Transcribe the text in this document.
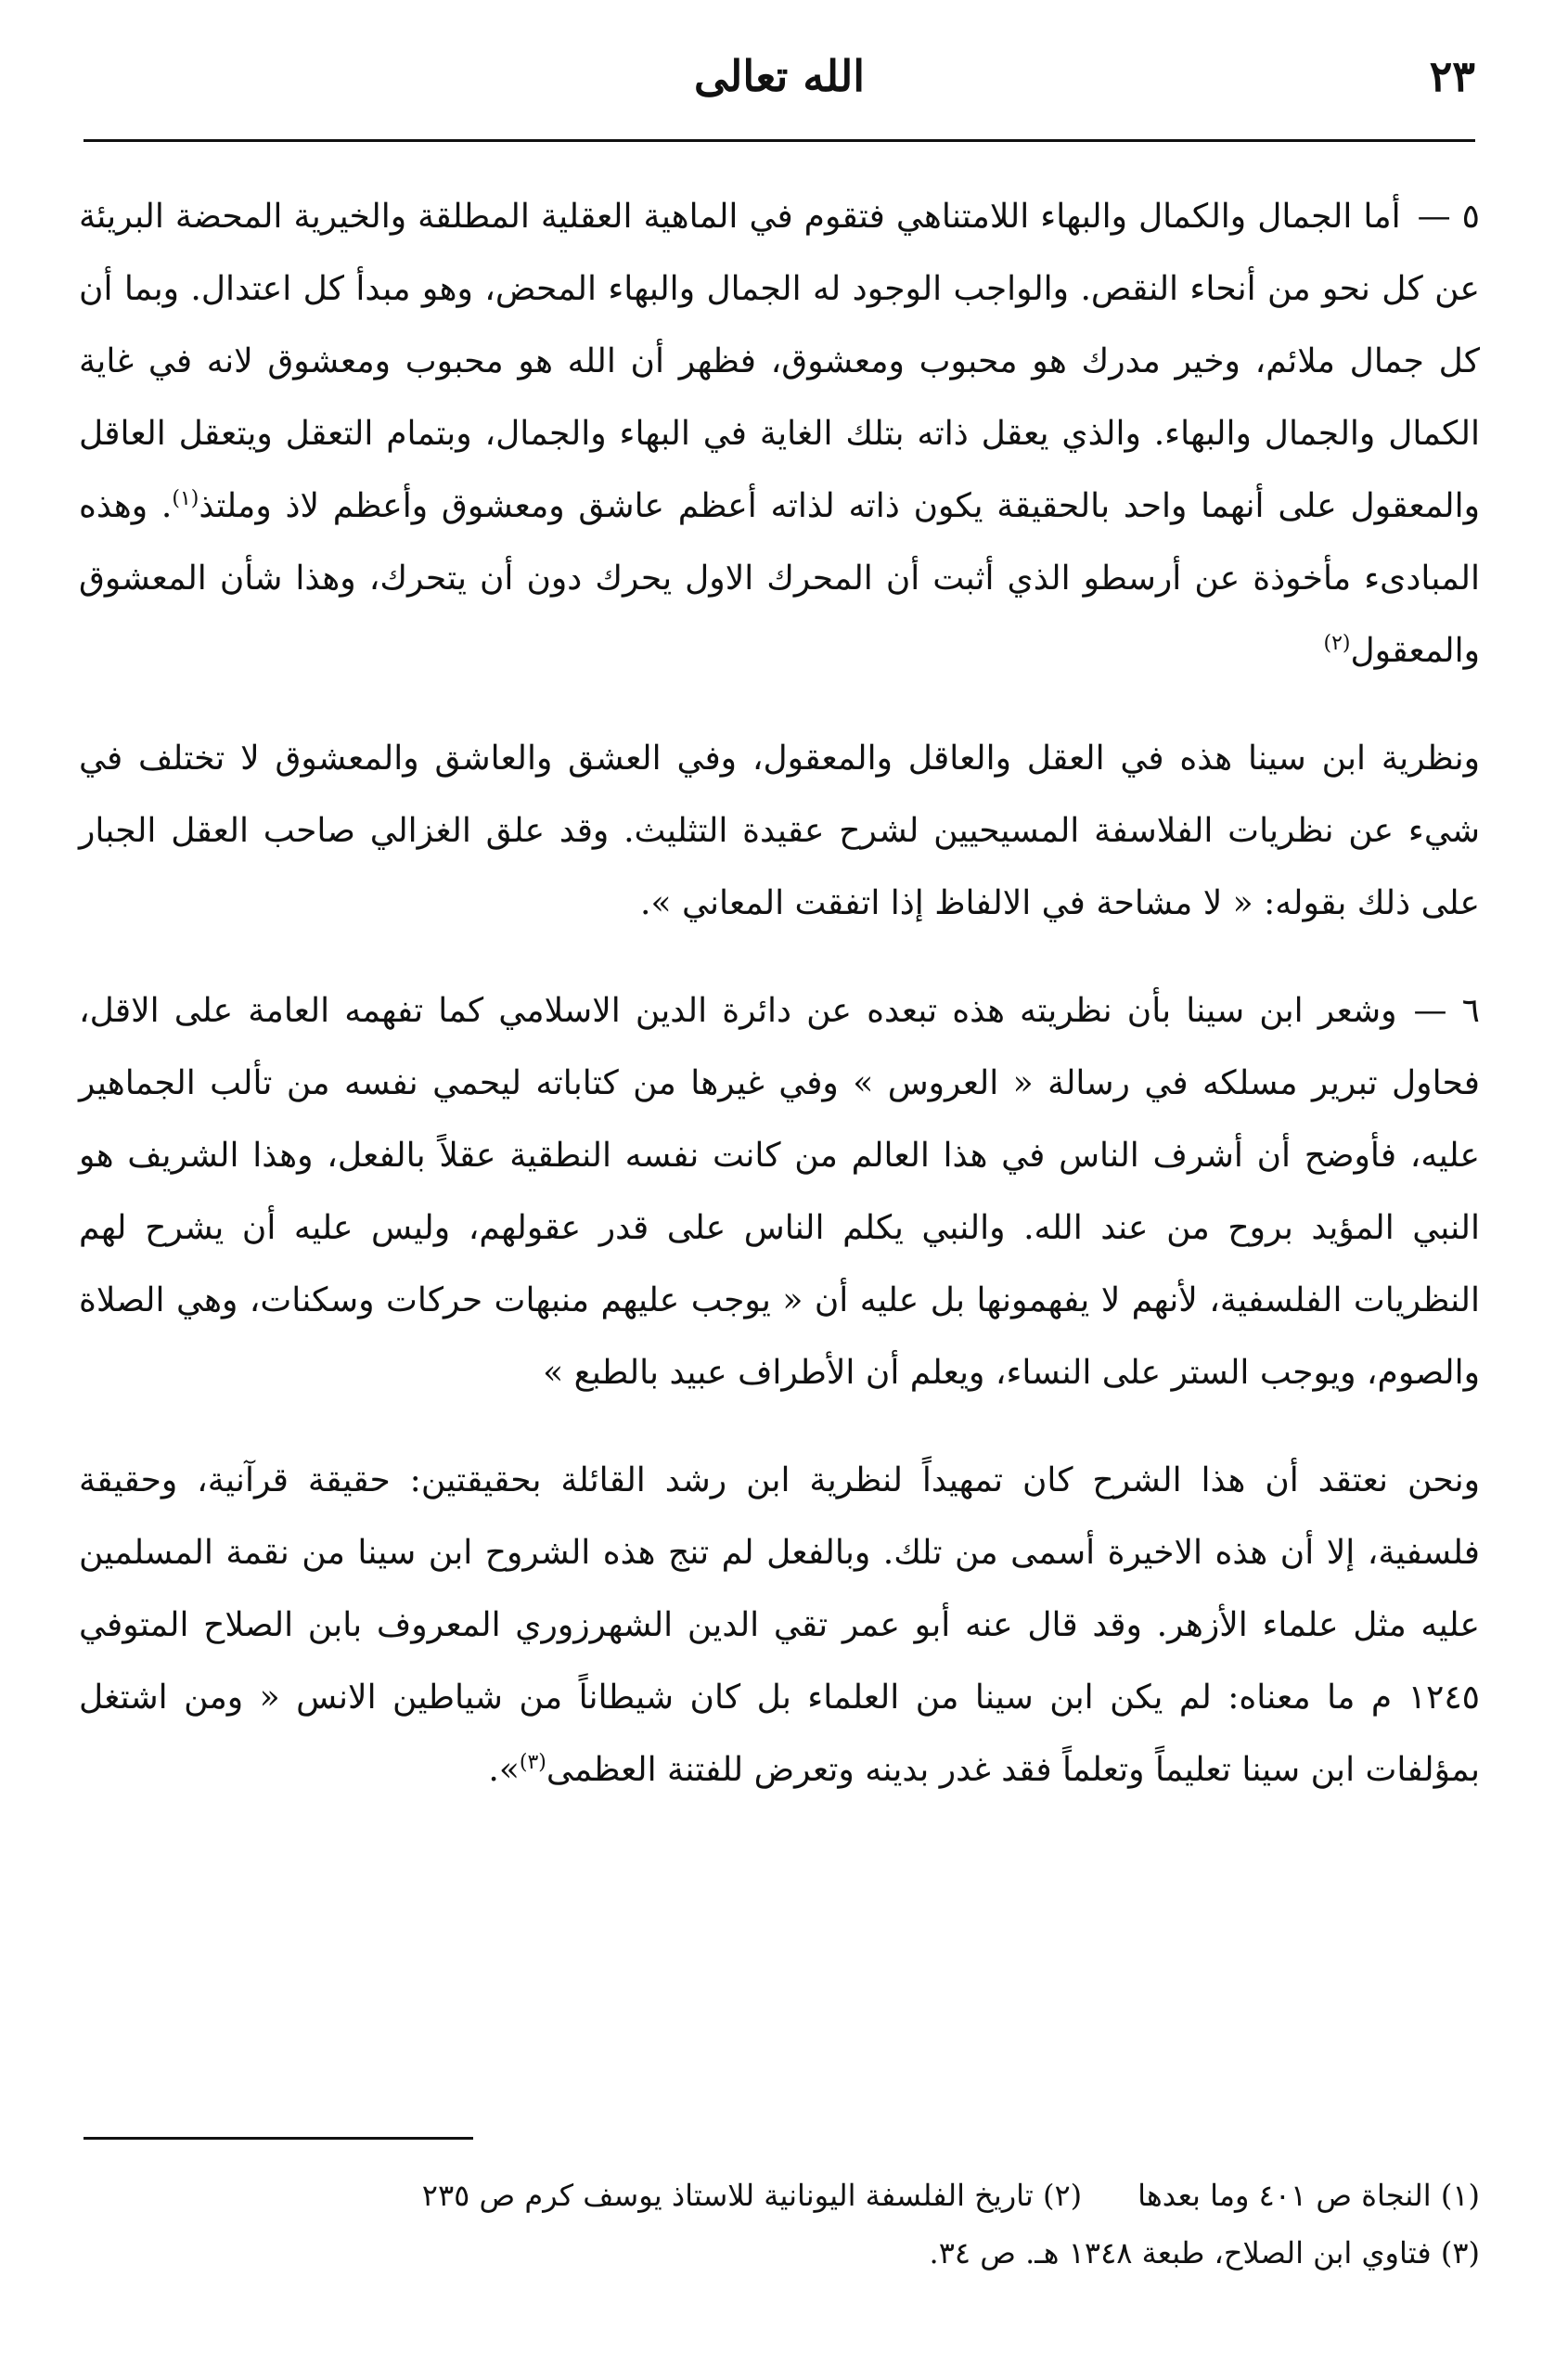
٢٣
الله تعالى

٥ —أما الجمال والكمال والبهاء اللامتناهي فتقوم في الماهية العقلية المطلقة والخيرية المحضة البريئة عن كل نحو من أنحاء النقص. والواجب الوجود له الجمال والبهاء المحض، وهو مبدأ كل اعتدال. وبما أن كل جمال ملائم، وخير مدرك هو محبوب ومعشوق، فظهر أن الله هو محبوب ومعشوق لانه في غاية الكمال والجمال والبهاء. والذي يعقل ذاته بتلك الغاية في البهاء والجمال، وبتمام التعقل ويتعقل العاقل والمعقول على أنهما واحد بالحقيقة يكون ذاته لذاته أعظم عاشق ومعشوق وأعظم لاذ وملتذ$^{(١)}$. وهذه المبادىء مأخوذة عن أرسطو الذي أثبت أن المحرك الاول يحرك دون أن يتحرك، وهذا شأن المعشوق والمعقول$^{(٢)}$

ونظرية ابن سينا هذه في العقل والعاقل والمعقول، وفي العشق والعاشق والمعشوق لا تختلف في شيء عن نظريات الفلاسفة المسيحيين لشرح عقيدة التثليث. وقد علق الغزالي صاحب العقل الجبار على ذلك بقوله: « لا مشاحة في الالفاظ إذا اتفقت المعاني ».

٦ —وشعر ابن سينا بأن نظريته هذه تبعده عن دائرة الدين الاسلامي كما تفهمه العامة على الاقل، فحاول تبرير مسلكه في رسالة « العروس » وفي غيرها من كتاباته ليحمي نفسه من تألب الجماهير عليه، فأوضح أن أشرف الناس في هذا العالم من كانت نفسه النطقية عقلاً بالفعل، وهذا الشريف هو النبي المؤيد بروح من عند الله. والنبي يكلم الناس على قدر عقولهم، وليس عليه أن يشرح لهم النظريات الفلسفية، لأنهم لا يفهمونها بل عليه أن « يوجب عليهم منبهات حركات وسكنات، وهي الصلاة والصوم، ويوجب الستر على النساء، ويعلم أن الأطراف عبيد بالطبع »

ونحن نعتقد أن هذا الشرح كان تمهيداً لنظرية ابن رشد القائلة بحقيقتين: حقيقة قرآنية، وحقيقة فلسفية، إلا أن هذه الاخيرة أسمى من تلك. وبالفعل لم تنج هذه الشروح ابن سينا من نقمة المسلمين عليه مثل علماء الأزهر. وقد قال عنه أبو عمر تقي الدين الشهرزوري المعروف بابن الصلاح المتوفي ١٢٤٥ م ما معناه: لم يكن ابن سينا من العلماء بل كان شيطاناً من شياطين الانس « ومن اشتغل بمؤلفات ابن سينا تعليماً وتعلماً فقد غدر بدينه وتعرض للفتنة العظمى$^{(٣)}$».

(١) النجاة ص ٤٠١ وما بعدها(٢) تاريخ الفلسفة اليونانية للاستاذ يوسف كرم ص ٢٣٥

(٣) فتاوي ابن الصلاح، طبعة ١٣٤٨ هـ. ص ٣٤.
